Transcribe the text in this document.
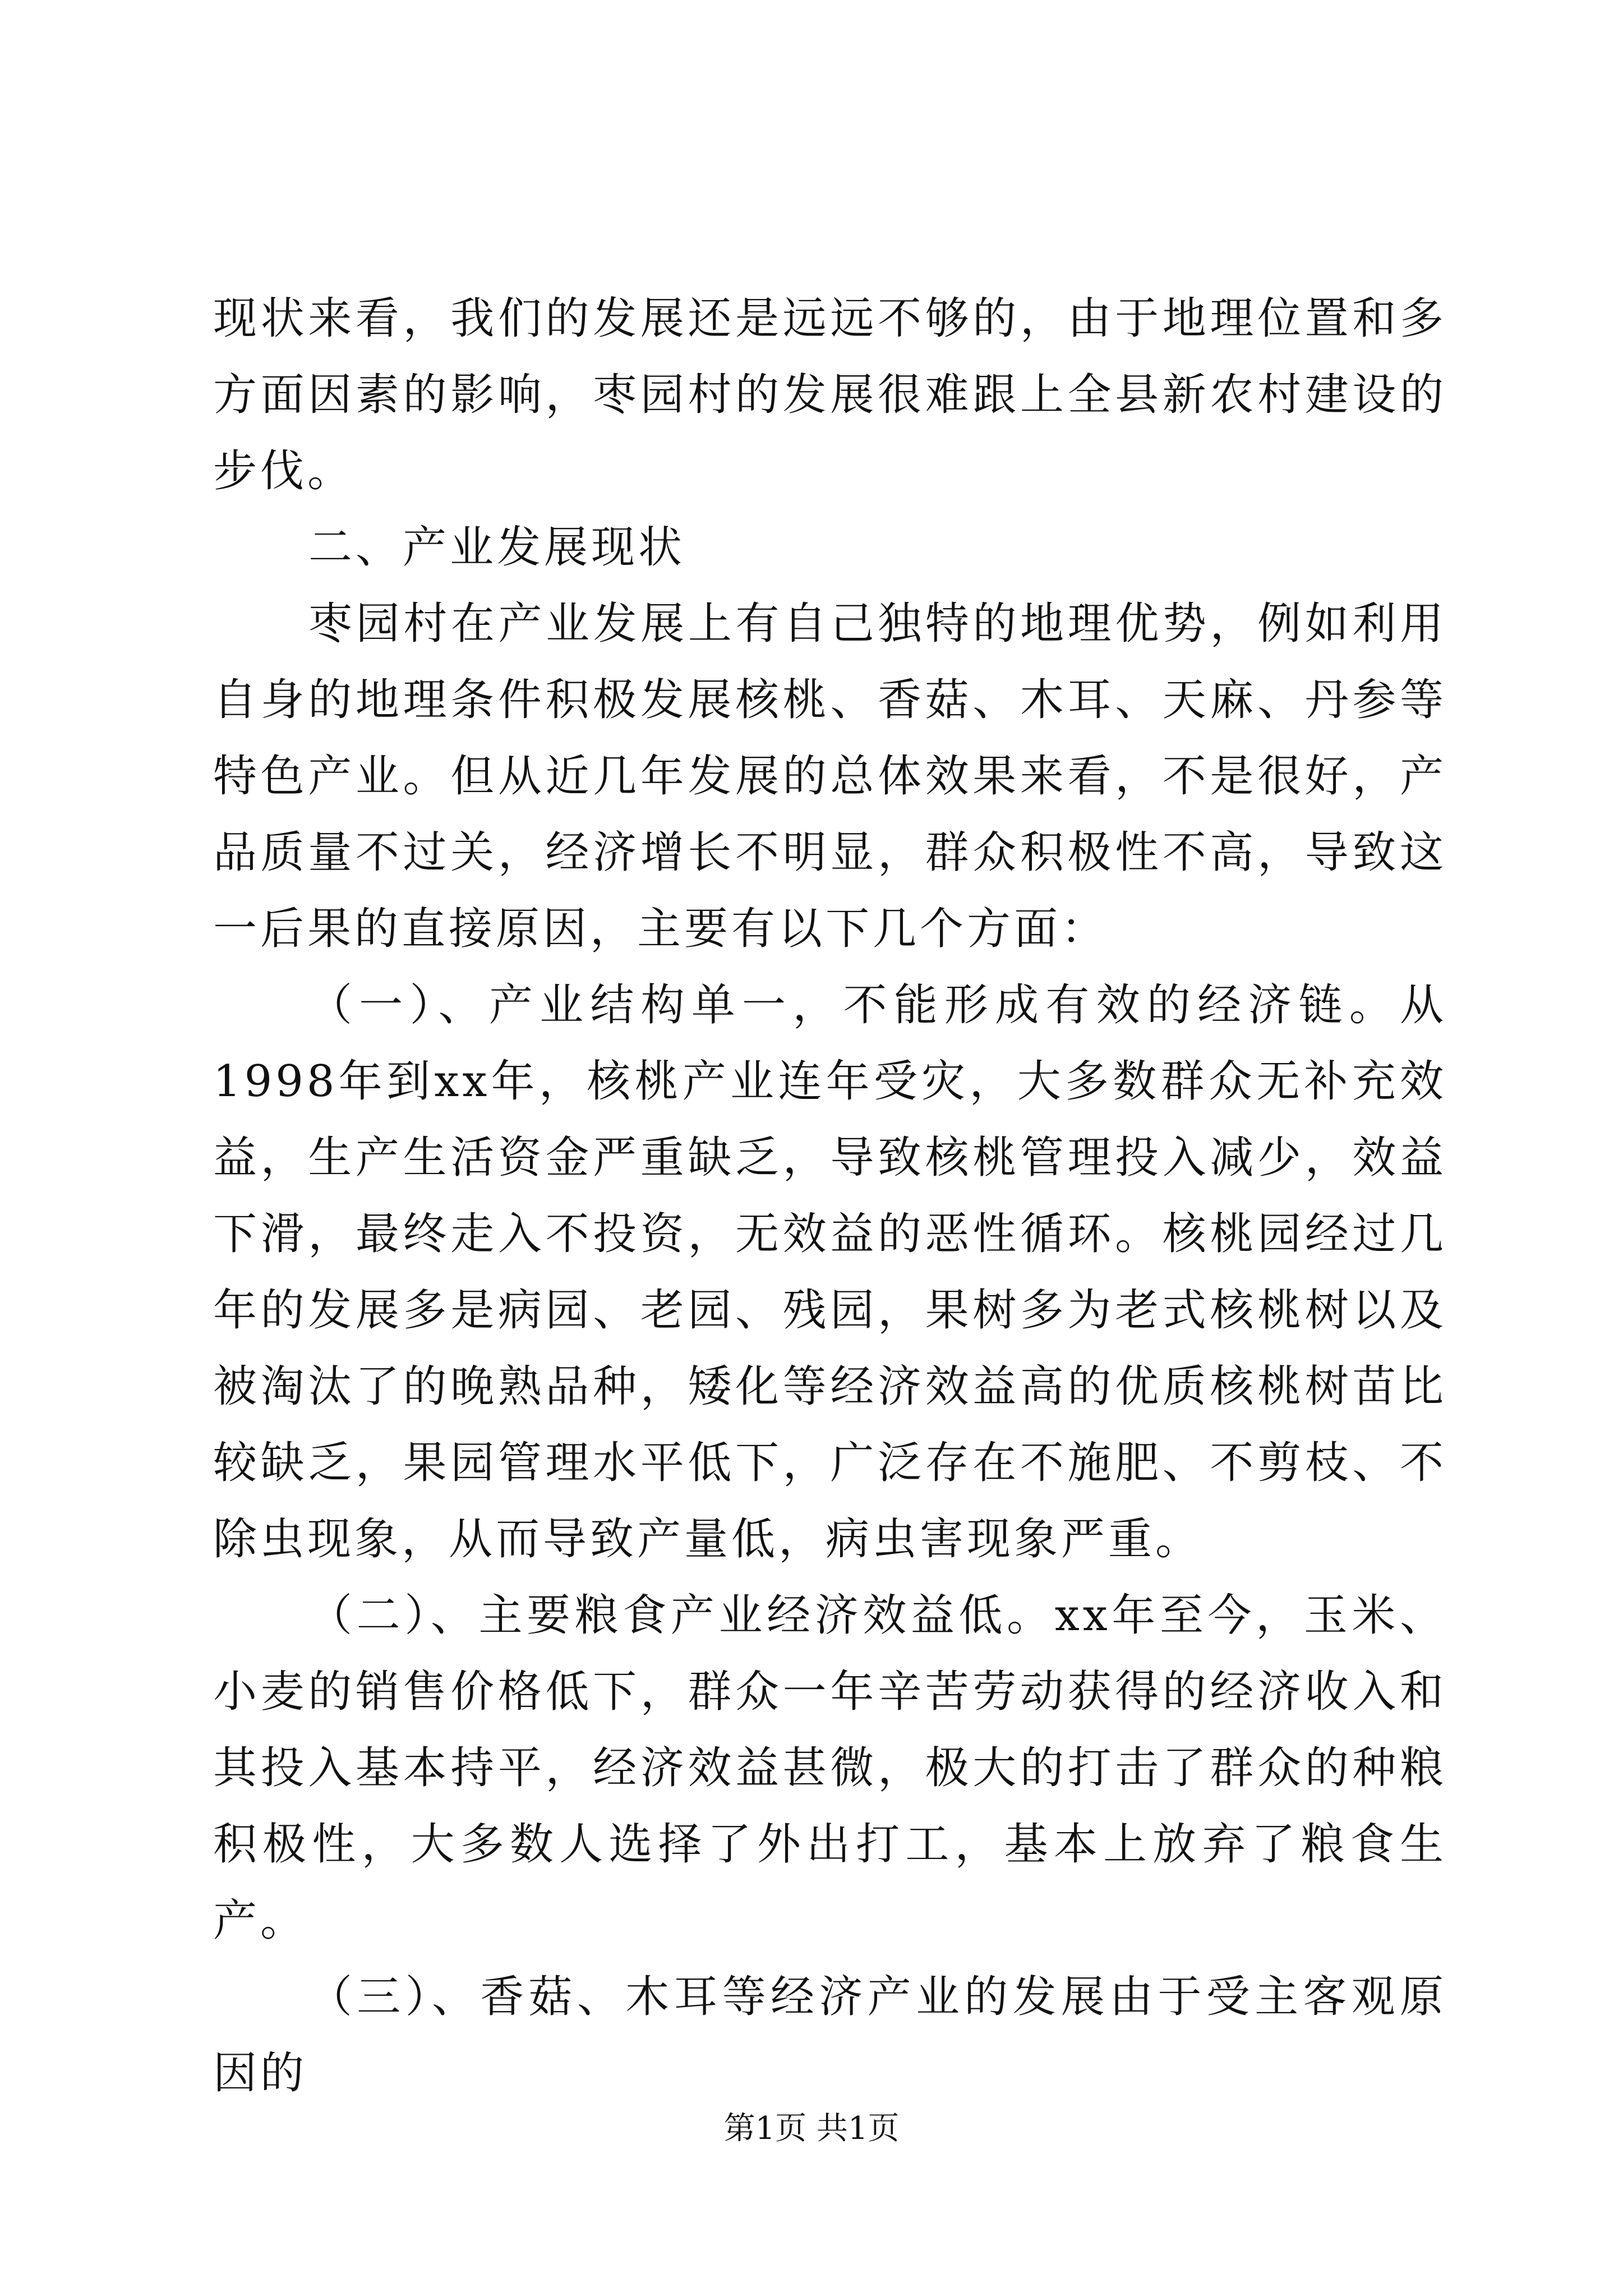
现状来看，我们的发展还是远远不够的，由于地理位置和多方面因素的影响，枣园村的发展很难跟上全县新农村建设的步伐。

二、产业发展现状

枣园村在产业发展上有自己独特的地理优势，例如利用自身的地理条件积极发展核桃、香菇、木耳、天麻、丹参等特色产业。但从近几年发展的总体效果来看，不是很好，产品质量不过关，经济增长不明显，群众积极性不高，导致这一后果的直接原因，主要有以下几个方面：

（一）、产业结构单一，不能形成有效的经济链。从1998年到xx年，核桃产业连年受灾，大多数群众无补充效益，生产生活资金严重缺乏，导致核桃管理投入减少，效益下滑，最终走入不投资，无效益的恶性循环。核桃园经过几年的发展多是病园、老园、残园，果树多为老式核桃树以及被淘汰了的晚熟品种，矮化等经济效益高的优质核桃树苗比较缺乏，果园管理水平低下，广泛存在不施肥、不剪枝、不除虫现象，从而导致产量低，病虫害现象严重。

（二）、主要粮食产业经济效益低。xx年至今，玉米、小麦的销售价格低下，群众一年辛苦劳动获得的经济收入和其投入基本持平，经济效益甚微，极大的打击了群众的种粮积极性，大多数人选择了外出打工，基本上放弃了粮食生产。

（三）、香菇、木耳等经济产业的发展由于受主客观原因的

第1页 共1页
